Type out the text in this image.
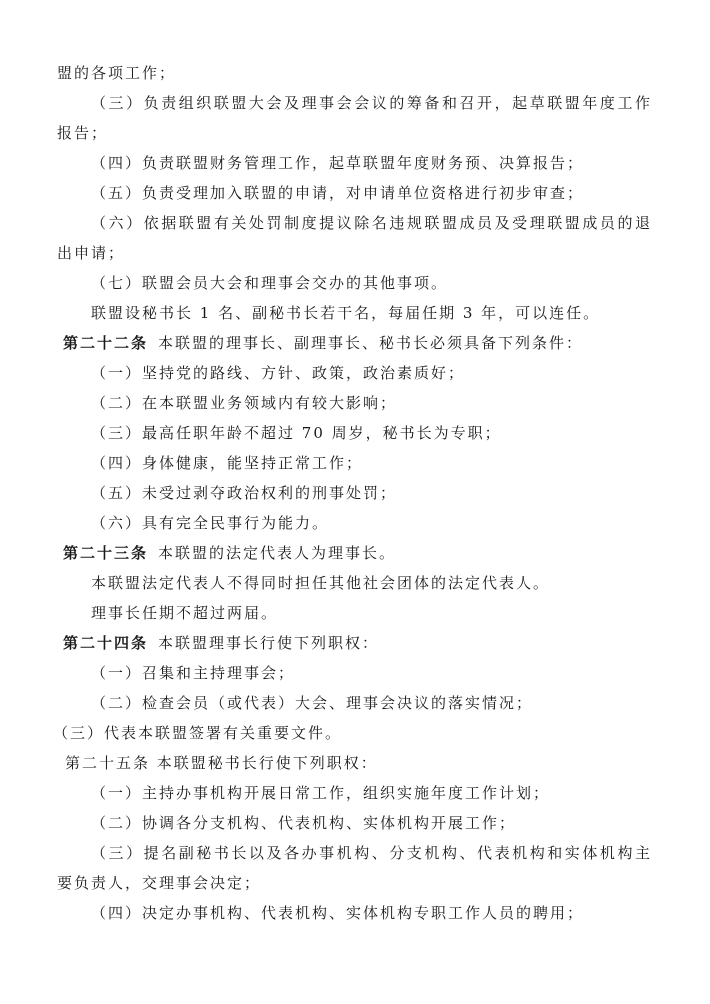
盟的各项工作；
（三）负责组织联盟大会及理事会会议的筹备和召开，起草联盟年度工作
报告；
（四）负责联盟财务管理工作，起草联盟年度财务预、决算报告；
（五）负责受理加入联盟的申请，对申请单位资格进行初步审查；
（六）依据联盟有关处罚制度提议除名违规联盟成员及受理联盟成员的退
出申请；
（七）联盟会员大会和理事会交办的其他事项。
联盟设秘书长 1 名、副秘书长若干名，每届任期 3 年，可以连任。
第二十二条 本联盟的理事长、副理事长、秘书长必须具备下列条件：
（一）坚持党的路线、方针、政策，政治素质好；
（二）在本联盟业务领域内有较大影响；
（三）最高任职年龄不超过 70 周岁，秘书长为专职；
（四）身体健康，能坚持正常工作；
（五）未受过剥夺政治权利的刑事处罚；
（六）具有完全民事行为能力。
第二十三条 本联盟的法定代表人为理事长。
本联盟法定代表人不得同时担任其他社会团体的法定代表人。
理事长任期不超过两届。
第二十四条 本联盟理事长行使下列职权：
（一）召集和主持理事会；
（二）检查会员（或代表）大会、理事会决议的落实情况；
（三）代表本联盟签署有关重要文件。
第二十五条 本联盟秘书长行使下列职权：
（一）主持办事机构开展日常工作，组织实施年度工作计划；
（二）协调各分支机构、代表机构、实体机构开展工作；
（三）提名副秘书长以及各办事机构、分支机构、代表机构和实体机构主
要负责人，交理事会决定；
（四）决定办事机构、代表机构、实体机构专职工作人员的聘用；
